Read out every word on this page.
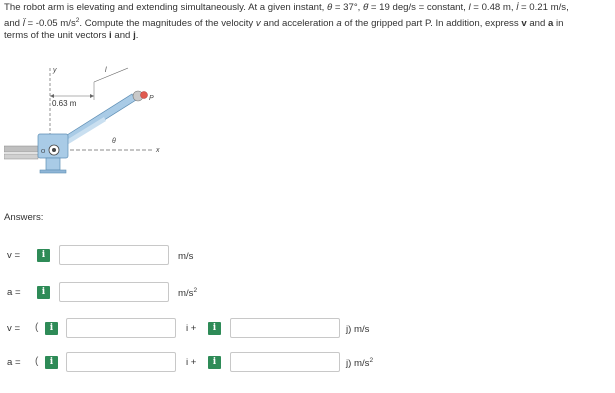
The robot arm is elevating and extending simultaneously. At a given instant, θ = 37°, θ̇ = 19 deg/s = constant, l = 0.48 m, l̇ = 0.21 m/s,
and l̈ = -0.05 $m/s^2$. Compute the magnitudes of the velocity v and acceleration a of the gripped part P. In addition, express v and a in
terms of the unit vectors i and j.
y
0.63 m
l
x
θ
P
O
Answers:
v =	i	m/s
a =	i	$m/s^2$
v = (	i	i +	i	j) m/s
a = (	i	i +	i	j) $m/s^2$
